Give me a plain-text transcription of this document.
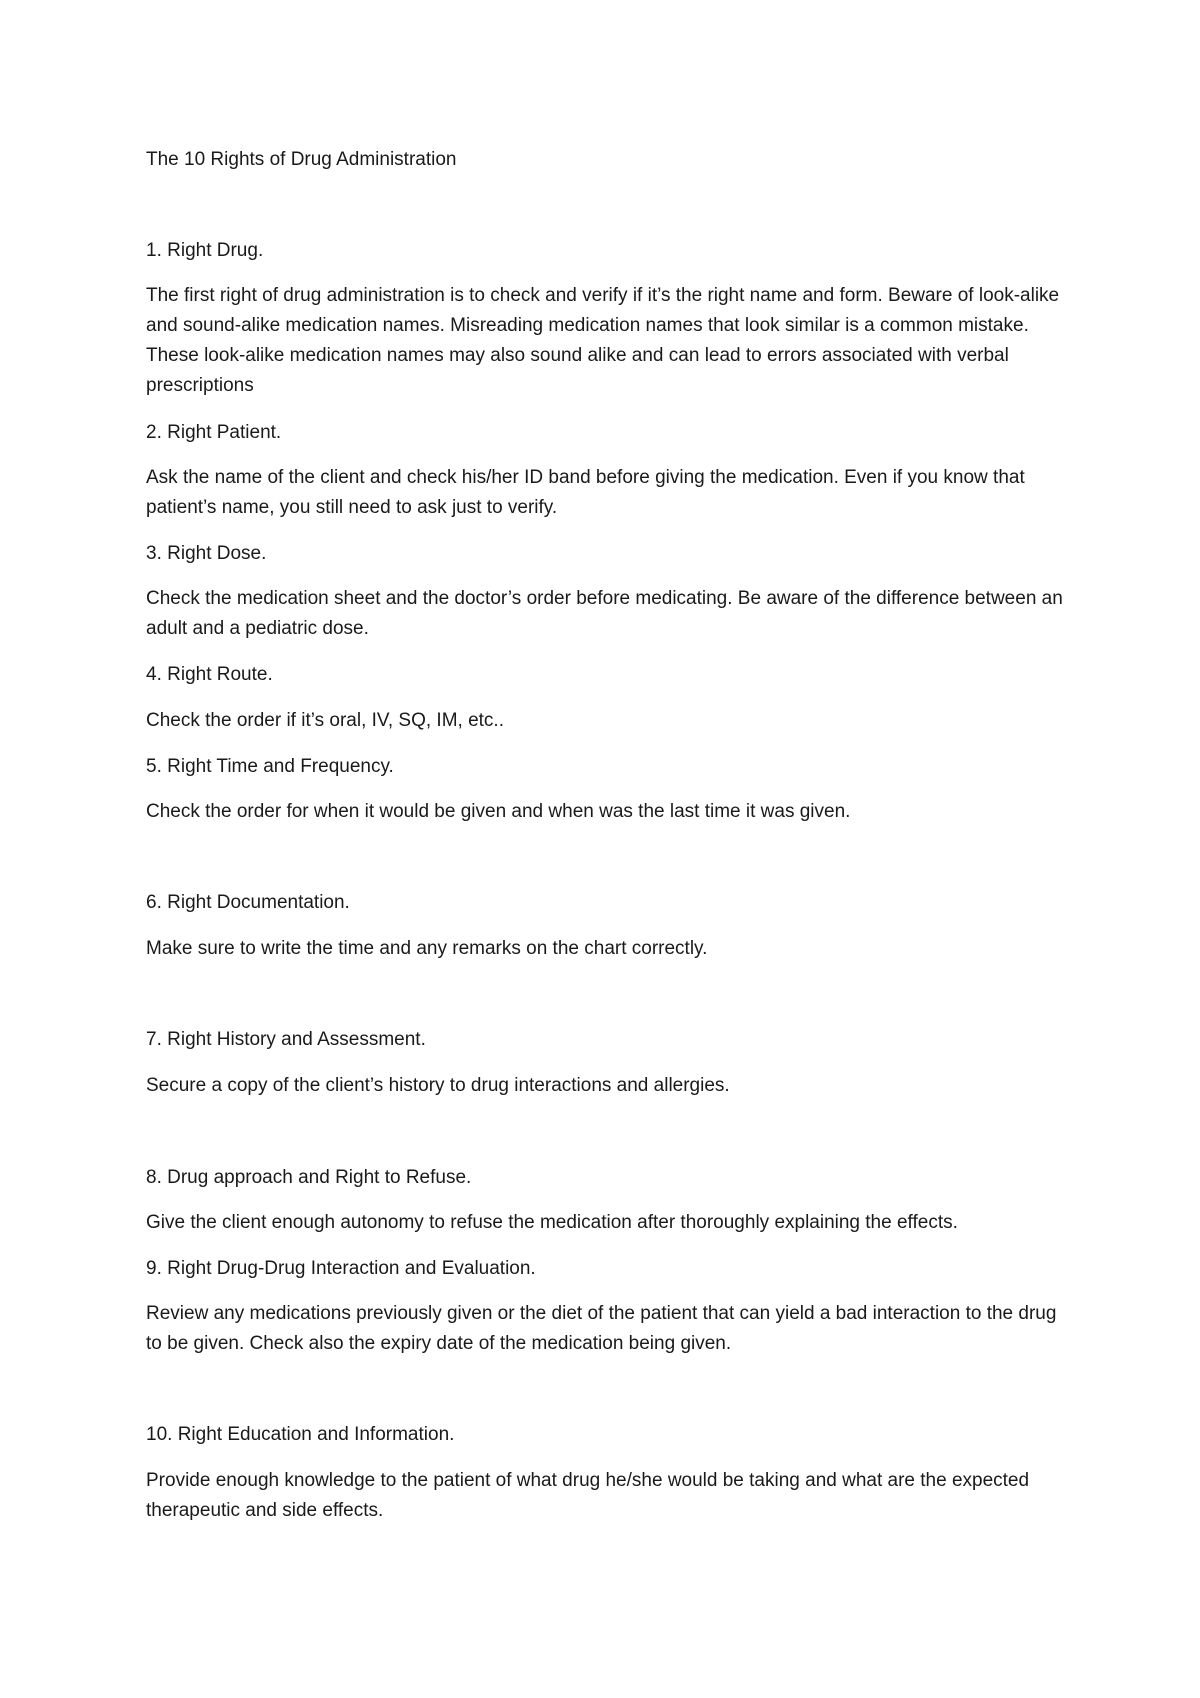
The 10 Rights of Drug Administration

1. Right Drug.

The first right of drug administration is to check and verify if it’s the right name and form. Beware of look-alike and sound-alike medication names. Misreading medication names that look similar is a common mistake. These look-alike medication names may also sound alike and can lead to errors associated with verbal prescriptions

2. Right Patient.

Ask the name of the client and check his/her ID band before giving the medication. Even if you know that patient’s name, you still need to ask just to verify.

3. Right Dose.

Check the medication sheet and the doctor’s order before medicating. Be aware of the difference between an adult and a pediatric dose.

4. Right Route.

Check the order if it’s oral, IV, SQ, IM, etc..

5. Right Time and Frequency.

Check the order for when it would be given and when was the last time it was given.

6. Right Documentation.

Make sure to write the time and any remarks on the chart correctly.

7. Right History and Assessment.

Secure a copy of the client’s history to drug interactions and allergies.

8. Drug approach and Right to Refuse.

Give the client enough autonomy to refuse the medication after thoroughly explaining the effects.

9. Right Drug-Drug Interaction and Evaluation.

Review any medications previously given or the diet of the patient that can yield a bad interaction to the drug to be given. Check also the expiry date of the medication being given.

10. Right Education and Information.

Provide enough knowledge to the patient of what drug he/she would be taking and what are the expected therapeutic and side effects.
